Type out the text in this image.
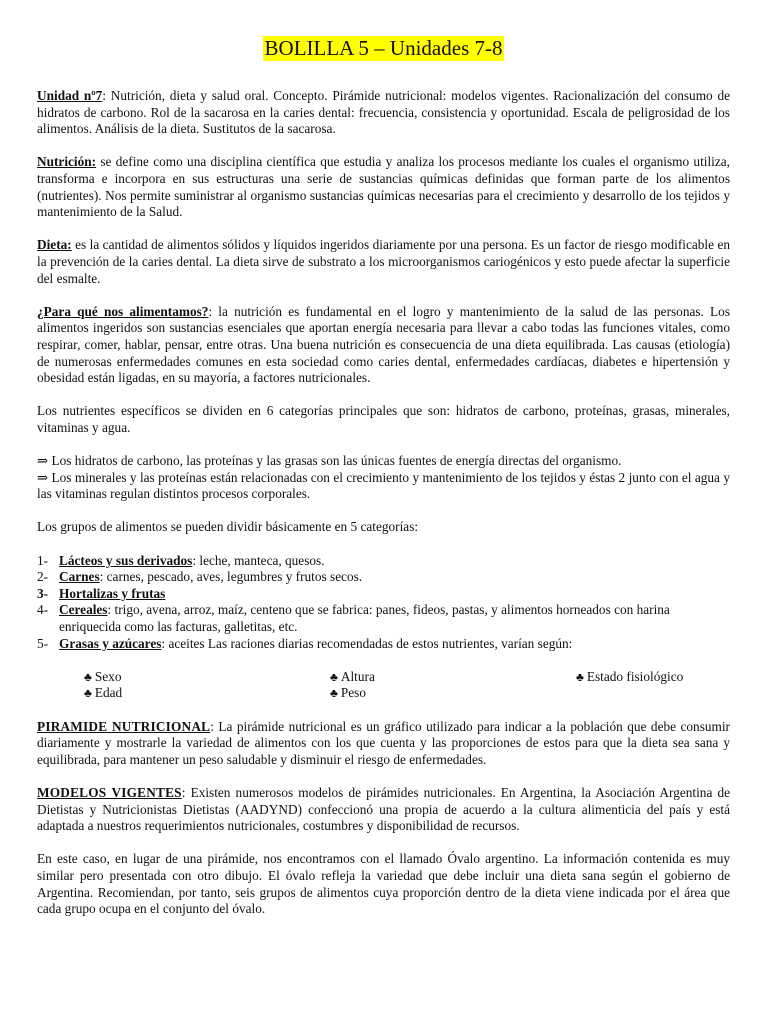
BOLILLA 5 – Unidades 7-8

Unidad nº7: Nutrición, dieta y salud oral. Concepto. Pirámide nutricional: modelos vigentes. Racionalización del consumo de hidratos de carbono. Rol de la sacarosa en la caries dental: frecuencia, consistencia y oportunidad. Escala de peligrosidad de los alimentos. Análisis de la dieta. Sustitutos de la sacarosa.

Nutrición: se define como una disciplina científica que estudia y analiza los procesos mediante los cuales el organismo utiliza, transforma e incorpora en sus estructuras una serie de sustancias químicas definidas que forman parte de los alimentos (nutrientes). Nos permite suministrar al organismo sustancias químicas necesarias para el crecimiento y desarrollo de los tejidos y mantenimiento de la Salud.

Dieta: es la cantidad de alimentos sólidos y líquidos ingeridos diariamente por una persona. Es un factor de riesgo modificable en la prevención de la caries dental. La dieta sirve de substrato a los microorganismos cariogénicos y esto puede afectar la superficie del esmalte.

¿Para qué nos alimentamos?: la nutrición es fundamental en el logro y mantenimiento de la salud de las personas. Los alimentos ingeridos son sustancias esenciales que aportan energía necesaria para llevar a cabo todas las funciones vitales, como respirar, comer, hablar, pensar, entre otras. Una buena nutrición es consecuencia de una dieta equilibrada. Las causas (etiología) de numerosas enfermedades comunes en esta sociedad como caries dental, enfermedades cardíacas, diabetes e hipertensión y obesidad están ligadas, en su mayoría, a factores nutricionales.

Los nutrientes específicos se dividen en 6 categorías principales que son: hidratos de carbono, proteínas, grasas, minerales, vitaminas y agua.

⇒ Los hidratos de carbono, las proteínas y las grasas son las únicas fuentes de energía directas del organismo.

⇒ Los minerales y las proteínas están relacionadas con el crecimiento y mantenimiento de los tejidos y éstas 2 junto con el agua y las vitaminas regulan distintos procesos corporales.

Los grupos de alimentos se pueden dividir básicamente en 5 categorías:

1- Lácteos y sus derivados: leche, manteca, quesos.
2- Carnes: carnes, pescado, aves, legumbres y frutos secos.
3- Hortalizas y frutas
4- Cereales: trigo, avena, arroz, maíz, centeno que se fabrica: panes, fideos, pastas, y alimentos horneados con harina enriquecida como las facturas, galletitas, etc.
5- Grasas y azúcares: aceites Las raciones diarias recomendadas de estos nutrientes, varían según:
♣ Sexo	♣ Altura	♣ Estado fisiológico
♣ Edad	♣ Peso

PIRAMIDE NUTRICIONAL: La pirámide nutricional es un gráfico utilizado para indicar a la población que debe consumir diariamente y mostrarle la variedad de alimentos con los que cuenta y las proporciones de estos para que la dieta sea sana y equilibrada, para mantener un peso saludable y disminuir el riesgo de enfermedades.

MODELOS VIGENTES: Existen numerosos modelos de pirámides nutricionales. En Argentina, la Asociación Argentina de Dietistas y Nutricionistas Dietistas (AADYND) confeccionó una propia de acuerdo a la cultura alimenticia del país y está adaptada a nuestros requerimientos nutricionales, costumbres y disponibilidad de recursos.

En este caso, en lugar de una pirámide, nos encontramos con el llamado Óvalo argentino. La información contenida es muy similar pero presentada con otro dibujo. El óvalo refleja la variedad que debe incluir una dieta sana según el gobierno de Argentina. Recomiendan, por tanto, seis grupos de alimentos cuya proporción dentro de la dieta viene indicada por el área que cada grupo ocupa en el conjunto del óvalo.
